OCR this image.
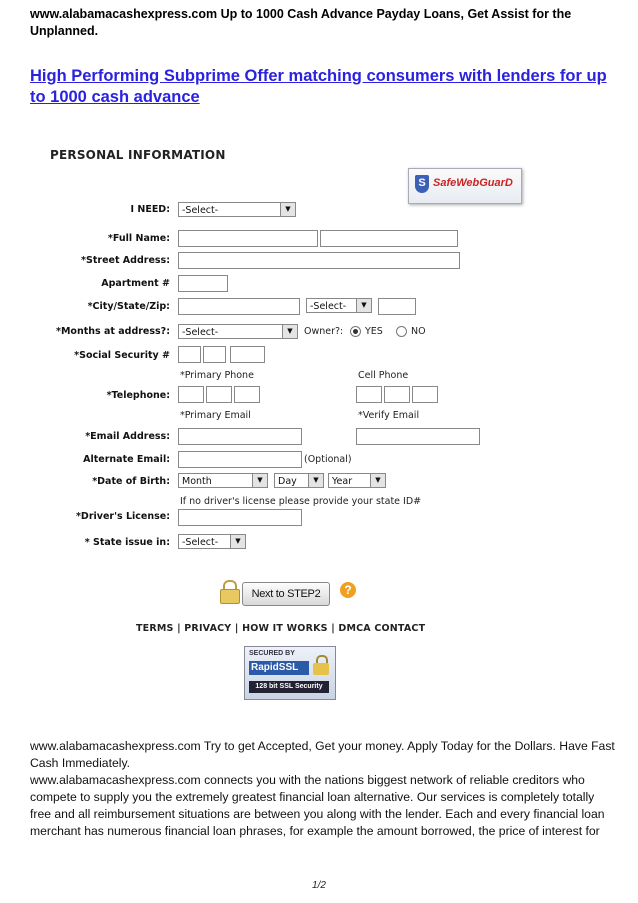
www.alabamacashexpress.com Up to 1000 Cash Advance Payday Loans, Get Assist for the Unplanned.
High Performing Subprime Offer matching consumers with lenders for up to 1000 cash advance
PERSONAL INFORMATION
S SafeWebGuarD
I NEED:	-Select-	▼
*Full Name:
*Street Address:
Apartment #
*City/State/Zip:	-Select-	▼
*Months at address?:	-Select-	▼	Owner?: YES	NO
*Social Security #
*Primary Phone	Cell Phone
*Telephone:
*Primary Email	*Verify Email
*Email Address:
Alternate Email:	(Optional)
*Date of Birth:	Month	▼	Day	▼	Year	▼
If no driver's license please provide your state ID#
*Driver's License:
* State issue in:	-Select-	▼
Next to STEP2	?
TERMS | PRIVACY | HOW IT WORKS | DMCA CONTACT
SECURED BY
RapidSSL
128 bit SSL Security

www.alabamacashexpress.com Try to get Accepted, Get your money. Apply Today for the Dollars. Have Fast Cash Immediately.

www.alabamacashexpress.com connects you with the nations biggest network of reliable creditors who compete to supply you the extremely greatest financial loan alternative. Our services is completely totally free and all reimbursement situations are between you along with the lender. Each and every financial loan merchant has numerous financial loan phrases, for example the amount borrowed, the price of interest for

1/2
